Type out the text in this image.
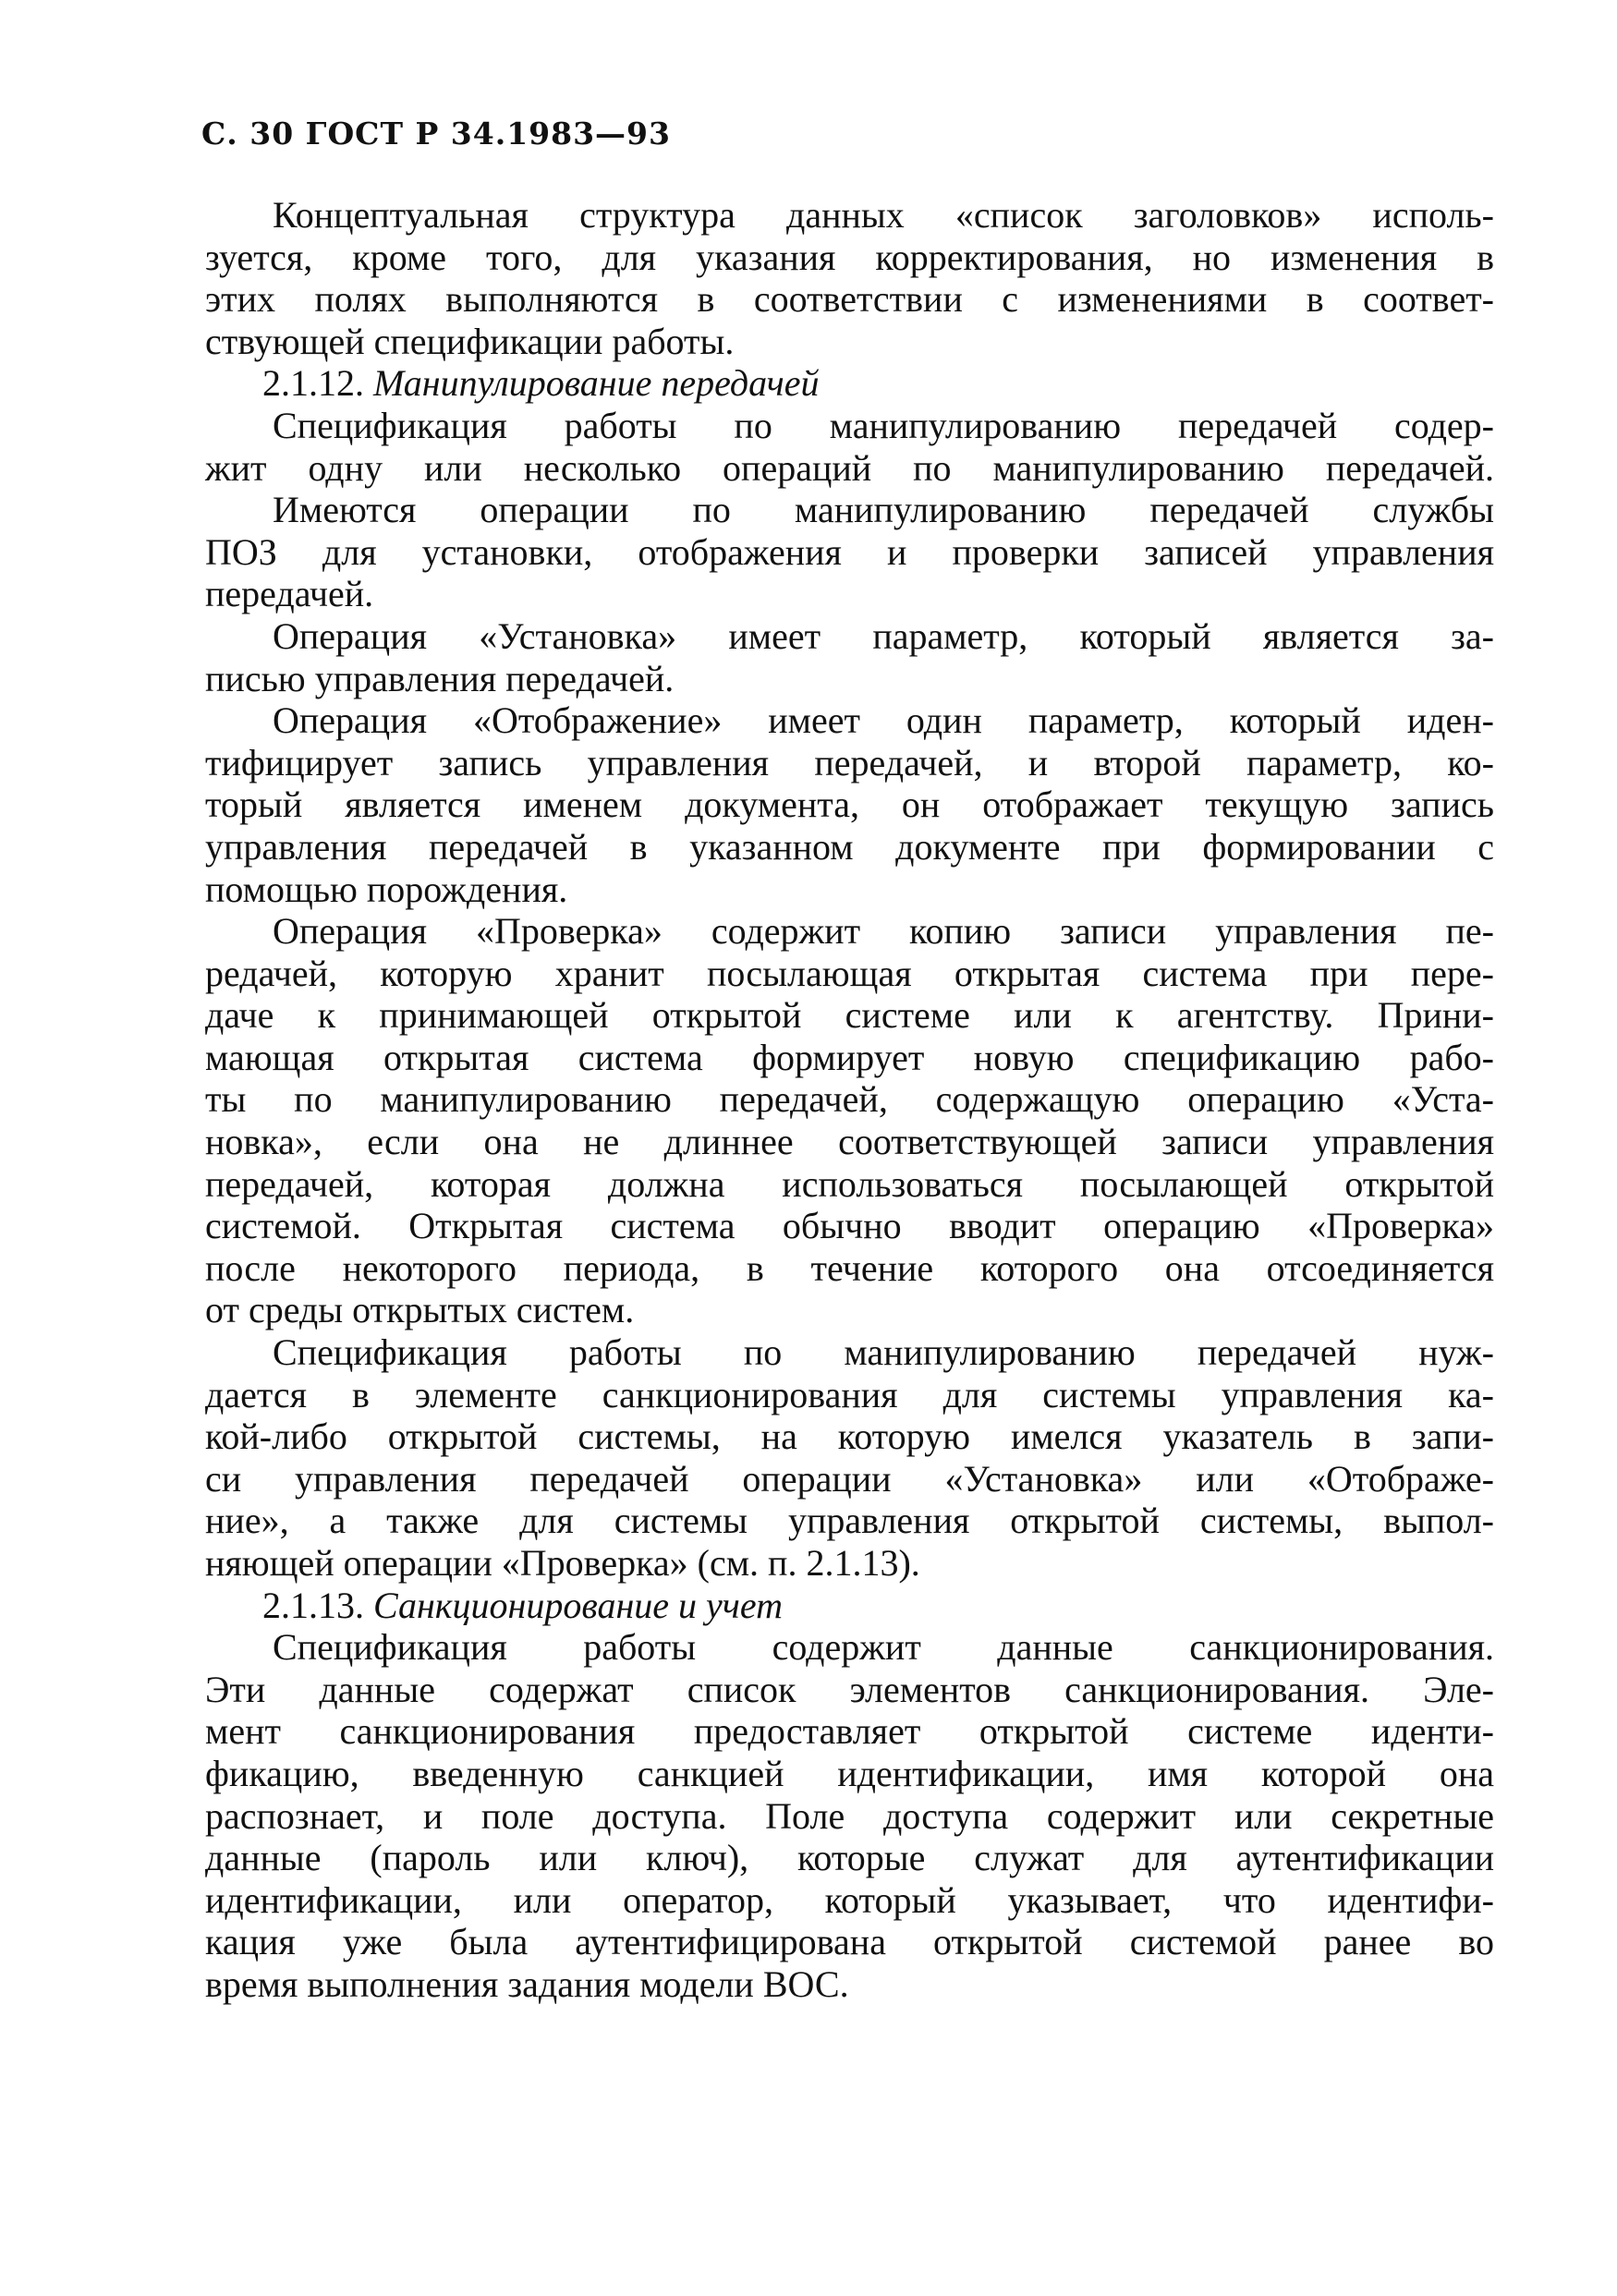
С. 30 ГОСТ Р 34.1983—93
Концептуальная структура данных «список заголовков» исполь-
зуется, кроме того, для указания корректирования, но изменения в
этих полях выполняются в соответствии с изменениями в соответ-
ствующей спецификации работы.
2.1.12. Манипулирование передачей
Спецификация работы по манипулированию передачей содер-
жит одну или несколько операций по манипулированию передачей.
Имеются операции по манипулированию передачей службы
ПОЗ для установки, отображения и проверки записей управления
передачей.
Операция «Установка» имеет параметр, который является за-
писью управления передачей.
Операция «Отображение» имеет один параметр, который иден-
тифицирует запись управления передачей, и второй параметр, ко-
торый является именем документа, он отображает текущую запись
управления передачей в указанном документе при формировании с
помощью порождения.
Операция «Проверка» содержит копию записи управления пе-
редачей, которую хранит посылающая открытая система при пере-
даче к принимающей открытой системе или к агентству. Прини-
мающая открытая система формирует новую спецификацию рабо-
ты по манипулированию передачей, содержащую операцию «Уста-
новка», если она не длиннее соответствующей записи управления
передачей, которая должна использоваться посылающей открытой
системой. Открытая система обычно вводит операцию «Проверка»
после некоторого периода, в течение которого она отсоединяется
от среды открытых систем.
Спецификация работы по манипулированию передачей нуж-
дается в элементе санкционирования для системы управления ка-
кой-либо открытой системы, на которую имелся указатель в запи-
си управления передачей операции «Установка» или «Отображе-
ние», а также для системы управления открытой системы, выпол-
няющей операции «Проверка» (см. п. 2.1.13).
2.1.13. Санкционирование и учет
Спецификация работы содержит данные санкционирования.
Эти данные содержат список элементов санкционирования. Эле-
мент санкционирования предоставляет открытой системе иденти-
фикацию, введенную санкцией идентификации, имя которой она
распознает, и поле доступа. Поле доступа содержит или секретные
данные (пароль или ключ), которые служат для аутентификации
идентификации, или оператор, который указывает, что идентифи-
кация уже была аутентифицирована открытой системой ранее во
время выполнения задания модели ВОС.
